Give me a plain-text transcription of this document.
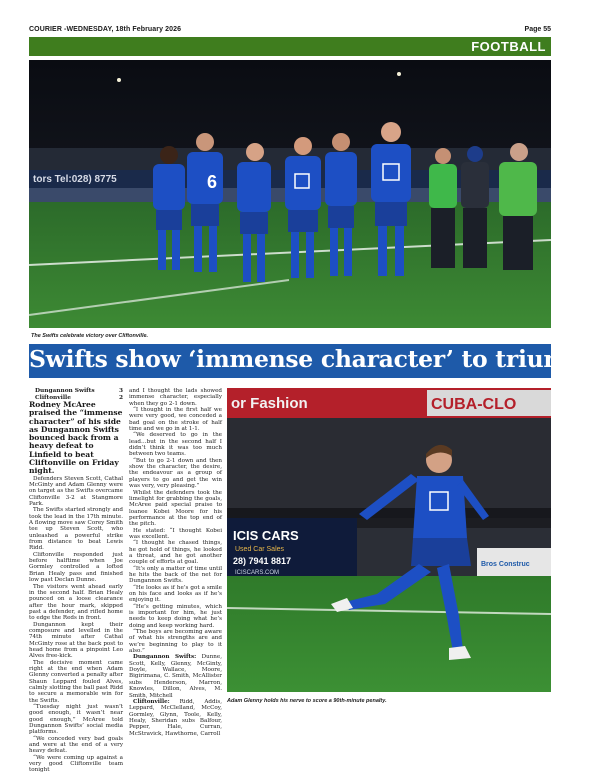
COURIER -WEDNESDAY, 18th February 2026	Page 55
FOOTBALL
tors Tel:028) 8775	6
The Swifts celebrate victory over Cliftonville.
Swifts show ‘immense character’ to triumph
Dungannon Swifts	3
Cliftonville	2

Rodney McAree praised the “immense character” of his side as Dungannon Swifts bounced back from a heavy defeat to Linfield to beat Cliftonville on Friday night.

Defenders Steven Scott, Cathal McGinty and Adam Glenny were on target as the Swifts overcame Cliftonville 3-2 at Stangmore Park.

The Swifts started strongly and took the lead in the 17th minute. A flowing move saw Corey Smith tee up Steven Scott, who unleashed a powerful strike from distance to beat Lewis Ridd.

Cliftonville responded just before halftime when Joe Gormley controlled a lofted Brian Healy pass and finished low past Declan Dunne.

The visitors went ahead early in the second half. Brian Healy pounced on a loose clearance after the hour mark, skipped past a defender, and rifled home to edge the Reds in front.

Dungannon kept their composure and levelled in the 74th minute after Cathal McGinty rose at the back post to head home from a pinpoint Leo Alves free-kick.

The decisive moment came right at the end when Adam Glenny converted a penalty after Shaun Leppard fouled Alves, calmly slotting the ball past Ridd to secure a memorable win for the Swifts.

“Tuesday night just wasn’t good enough, it wasn’t near good enough,” McAree told Dungannon Swifts’ social media platforms.

“We conceded very bad goals and were at the end of a very heavy defeat.

“We were coming up against a very good Cliftonville team tonight

and I thought the lads showed immense character, especially when they go 2-1 down.

“I thought in the first half we were very good, we conceded a bad goal on the stroke of half time and we go in at 1-1.

“We deserved to go in the lead…but in the second half I didn’t think it was too much between two teams.

“But to go 2-1 down and then show the character, the desire, the endeavour as a group of players to go and get the win was very, very pleasing.”

Whilst the defenders took the limelight for grabbing the goals, McAree paid special praise to loanee Kobei Moore for his performance at the top end of the pitch.

He stated: “I thought Kobei was excellent.

“I thought he chased things, he got hold of things, he looked a threat, and he got another couple of efforts at goal.

“It’s only a matter of time until he hits the back of the net for Dungannon Swifts.

“He looks as if he’s got a smile on his face and looks as if he’s enjoying it.

“He’s getting minutes, which is important for him, he just needs to keep doing what he’s doing and keep working hard.

“The boys are becoming aware of what his strengths are and we’re beginning to play to it also.”

Dungannon Swifts: Dunne, Scott, Kelly, Glenny, McGinty, Doyle, Wallace, Moore, Bigirimana, C. Smith, McAllister subs Henderson, Marron, Knowles, Dillon, Alves, M. Smith, Mitchell

Cliftonville: Ridd, Addis, Leppard, McClelland, McCoy, Gormley, Glynn, Toole, Kelly, Healy, Sheridan subs Balfour, Pepper, Hale, Curran, McStravick, Hawthorne, Carroll

or Fashion	CUBA-CLO
ICIS CARS
Used Car Sales
28) 7941 8817
ICISCARS.COM
Bros Construc
Adam Glenny holds his nerve to score a 90th-minute penalty.
